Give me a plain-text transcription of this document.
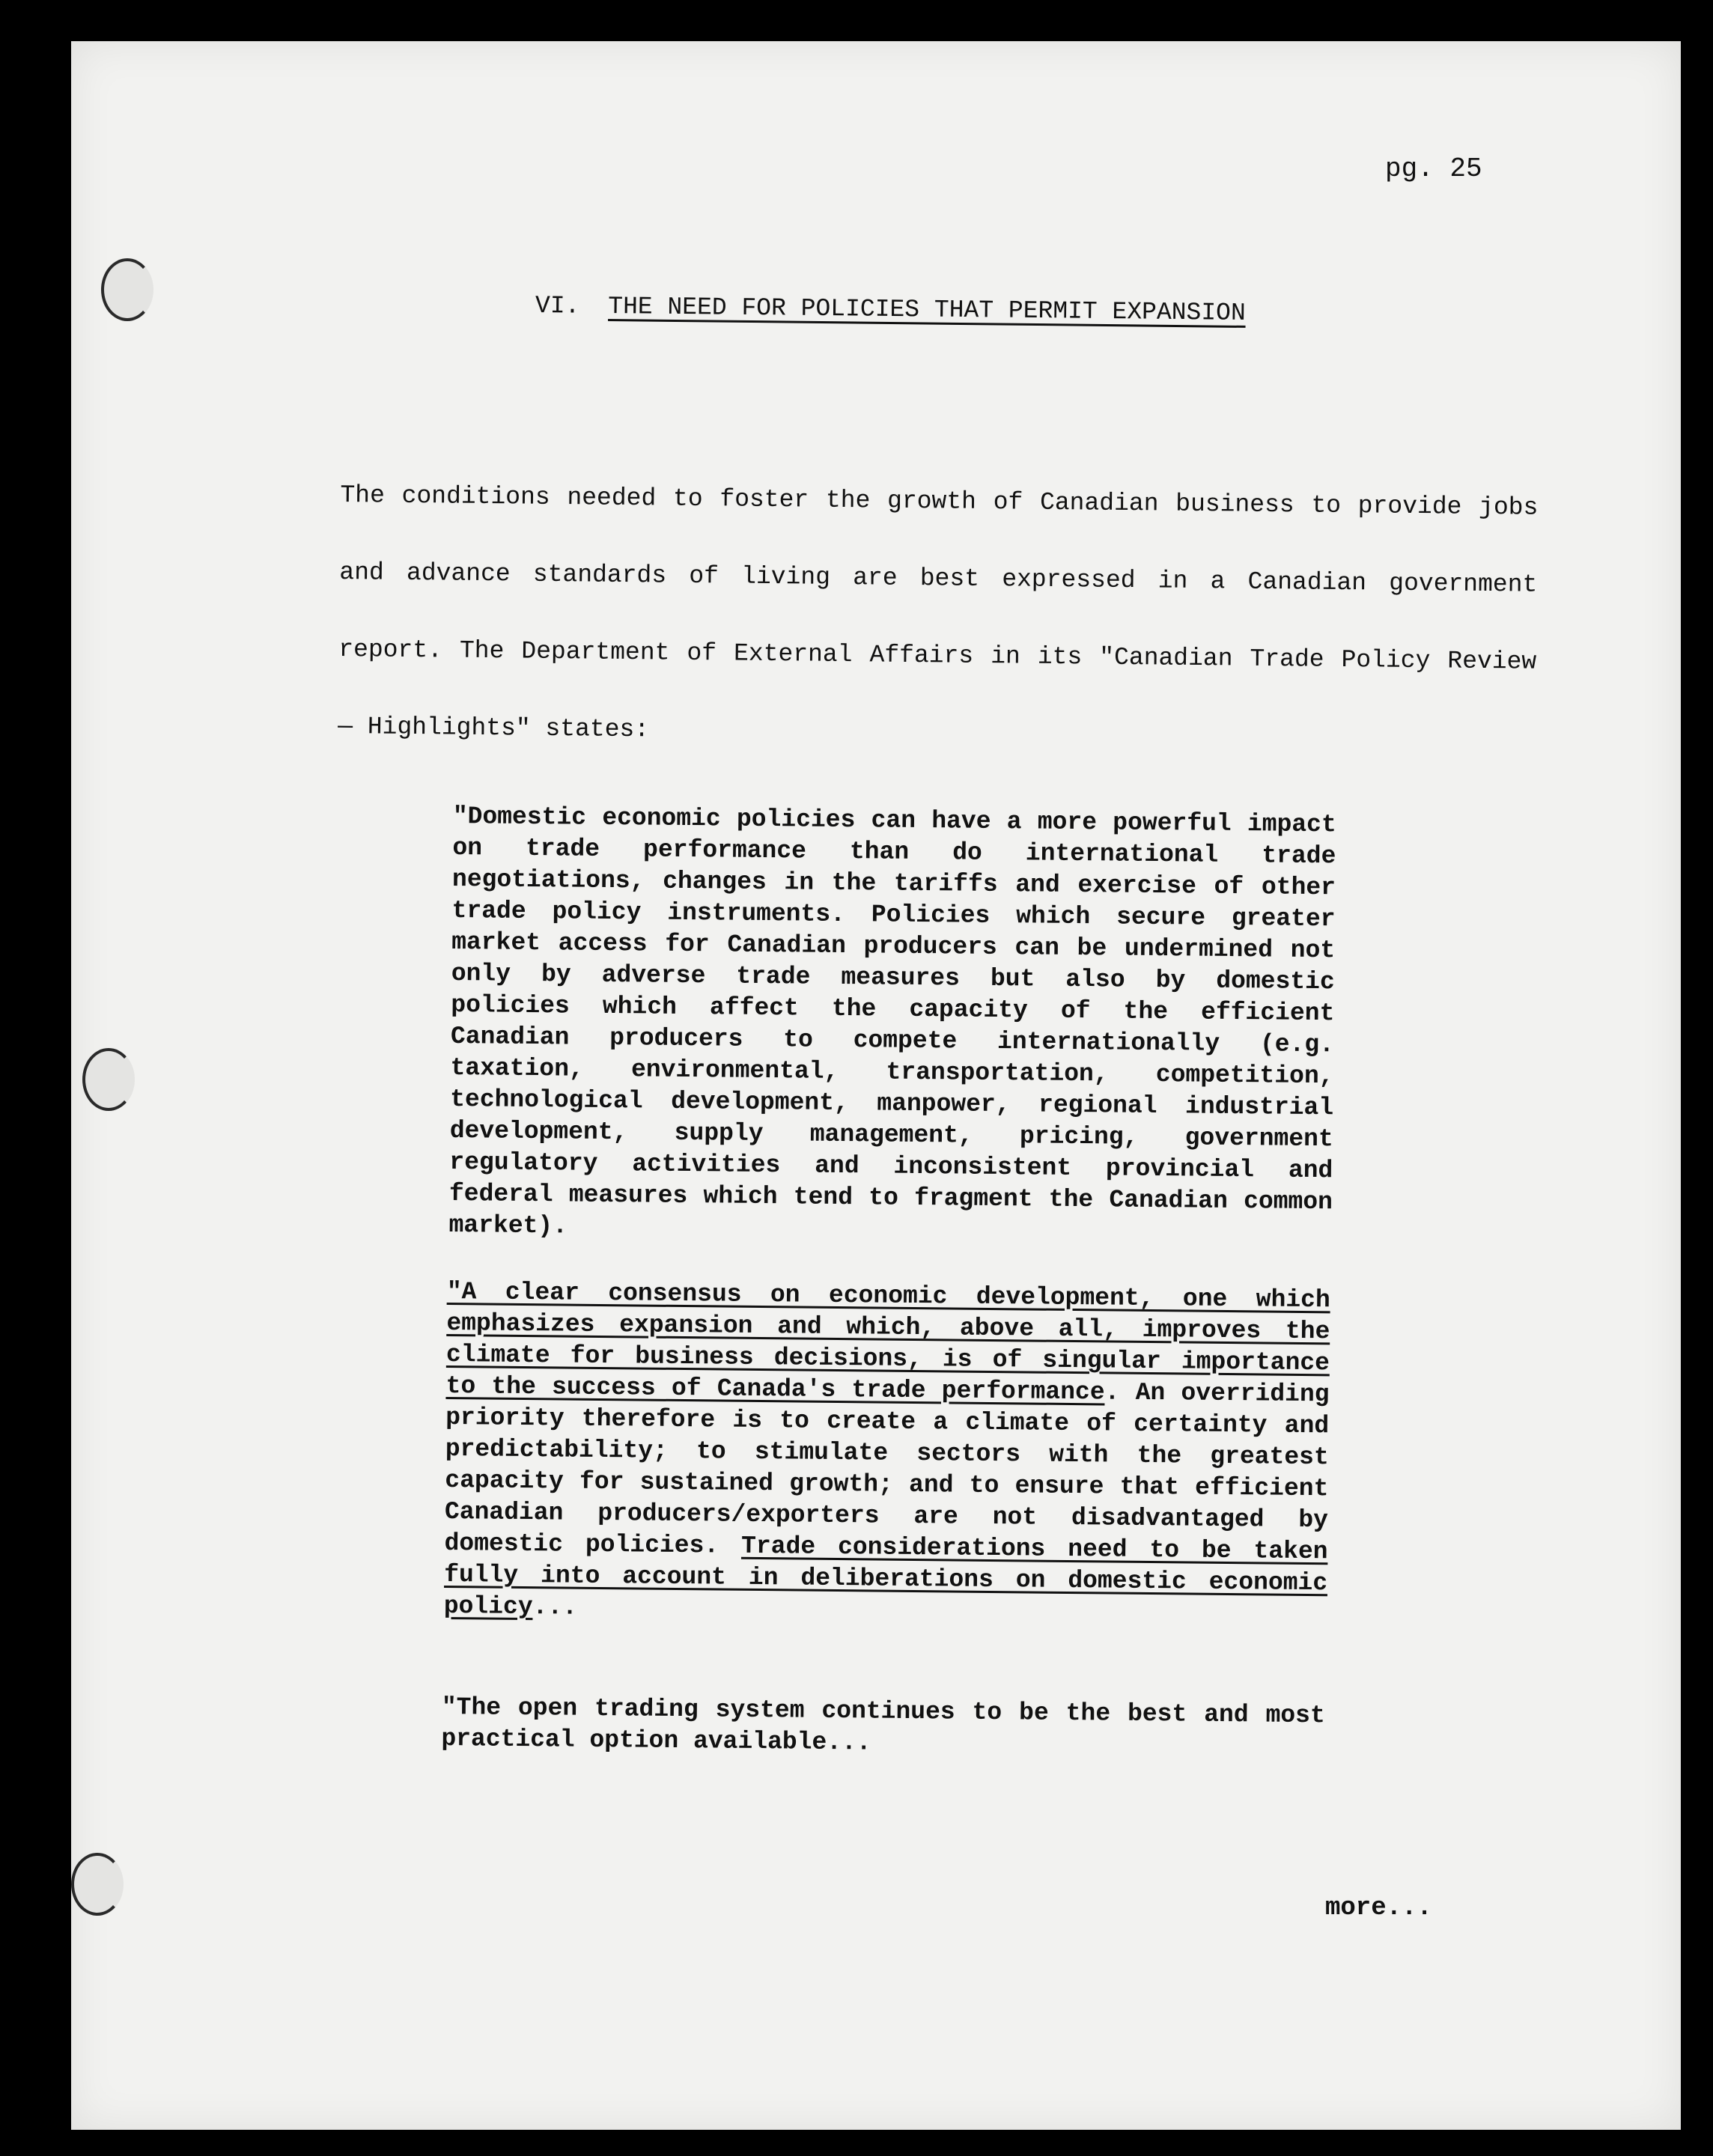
pg. 25
VI. THE NEED FOR POLICIES THAT PERMIT EXPANSION
The conditions needed to foster the growth of Canadian business to provide jobs and advance standards of living are best expressed in a Canadian government report. The Department of External Affairs in its "Canadian Trade Policy Review — Highlights" states:
"Domestic economic policies can have a more powerful impact on trade performance than do international trade negotiations, changes in the tariffs and exercise of other trade policy instruments. Policies which secure greater market access for Canadian producers can be undermined not only by adverse trade measures but also by domestic policies which affect the capacity of the efficient Canadian producers to compete internationally (e.g. taxation, environmental, transportation, competition, technological development, manpower, regional industrial development, supply management, pricing, government regulatory activities and inconsistent provincial and federal measures which tend to fragment the Canadian common market).
"A clear consensus on economic development, one which emphasizes expansion and which, above all, improves the climate for business decisions, is of singular importance to the success of Canada's trade performance. An overriding priority therefore is to create a climate of certainty and predictability; to stimulate sectors with the greatest capacity for sustained growth; and to ensure that efficient Canadian producers/exporters are not disadvantaged by domestic policies. Trade considerations need to be taken fully into account in deliberations on domestic economic policy...
"The open trading system continues to be the best and most practical option available...
more...
